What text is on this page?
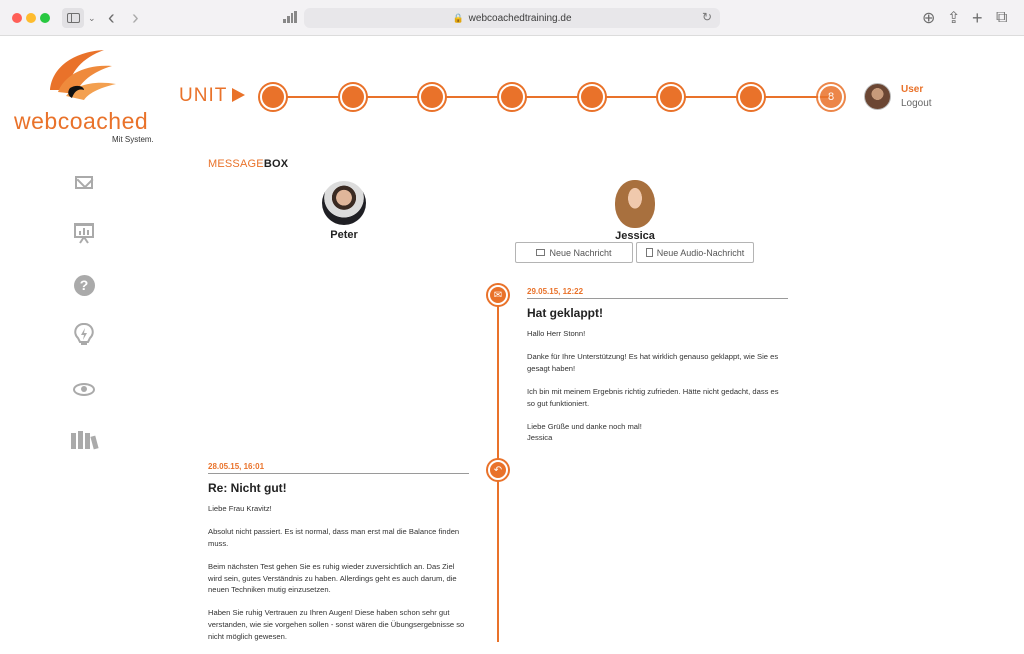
⌄ ‹ ›	🔒 webcoachedtraining.de	↻	⊕ ⇪ + ⧉
webcoached
Mit System.
UNIT	8
User
Logout
?
MESSAGEBOX
Peter	Jessica
Neue Nachricht	Neue Audio-Nachricht
✉
↶
29.05.15, 12:22
Hat geklappt!

Hallo Herr Stonn!

Danke für Ihre Unterstützung! Es hat wirklich genauso geklappt, wie Sie es gesagt haben!

Ich bin mit meinem Ergebnis richtig zufrieden. Hätte nicht gedacht, dass es so gut funktioniert.

Liebe Grüße und danke noch mal!
Jessica

28.05.15, 16:01
Re: Nicht gut!

Liebe Frau Kravitz!

Absolut nicht passiert. Es ist normal, dass man erst mal die Balance finden muss.

Beim nächsten Test gehen Sie es ruhig wieder zuversichtlich an. Das Ziel wird sein, gutes Verständnis zu haben. Allerdings geht es auch darum, die neuen Techniken mutig einzusetzen.

Haben Sie ruhig Vertrauen zu Ihren Augen! Diese haben schon sehr gut verstanden, wie sie vorgehen sollen - sonst wären die Übungsergebnisse so nicht möglich gewesen.
